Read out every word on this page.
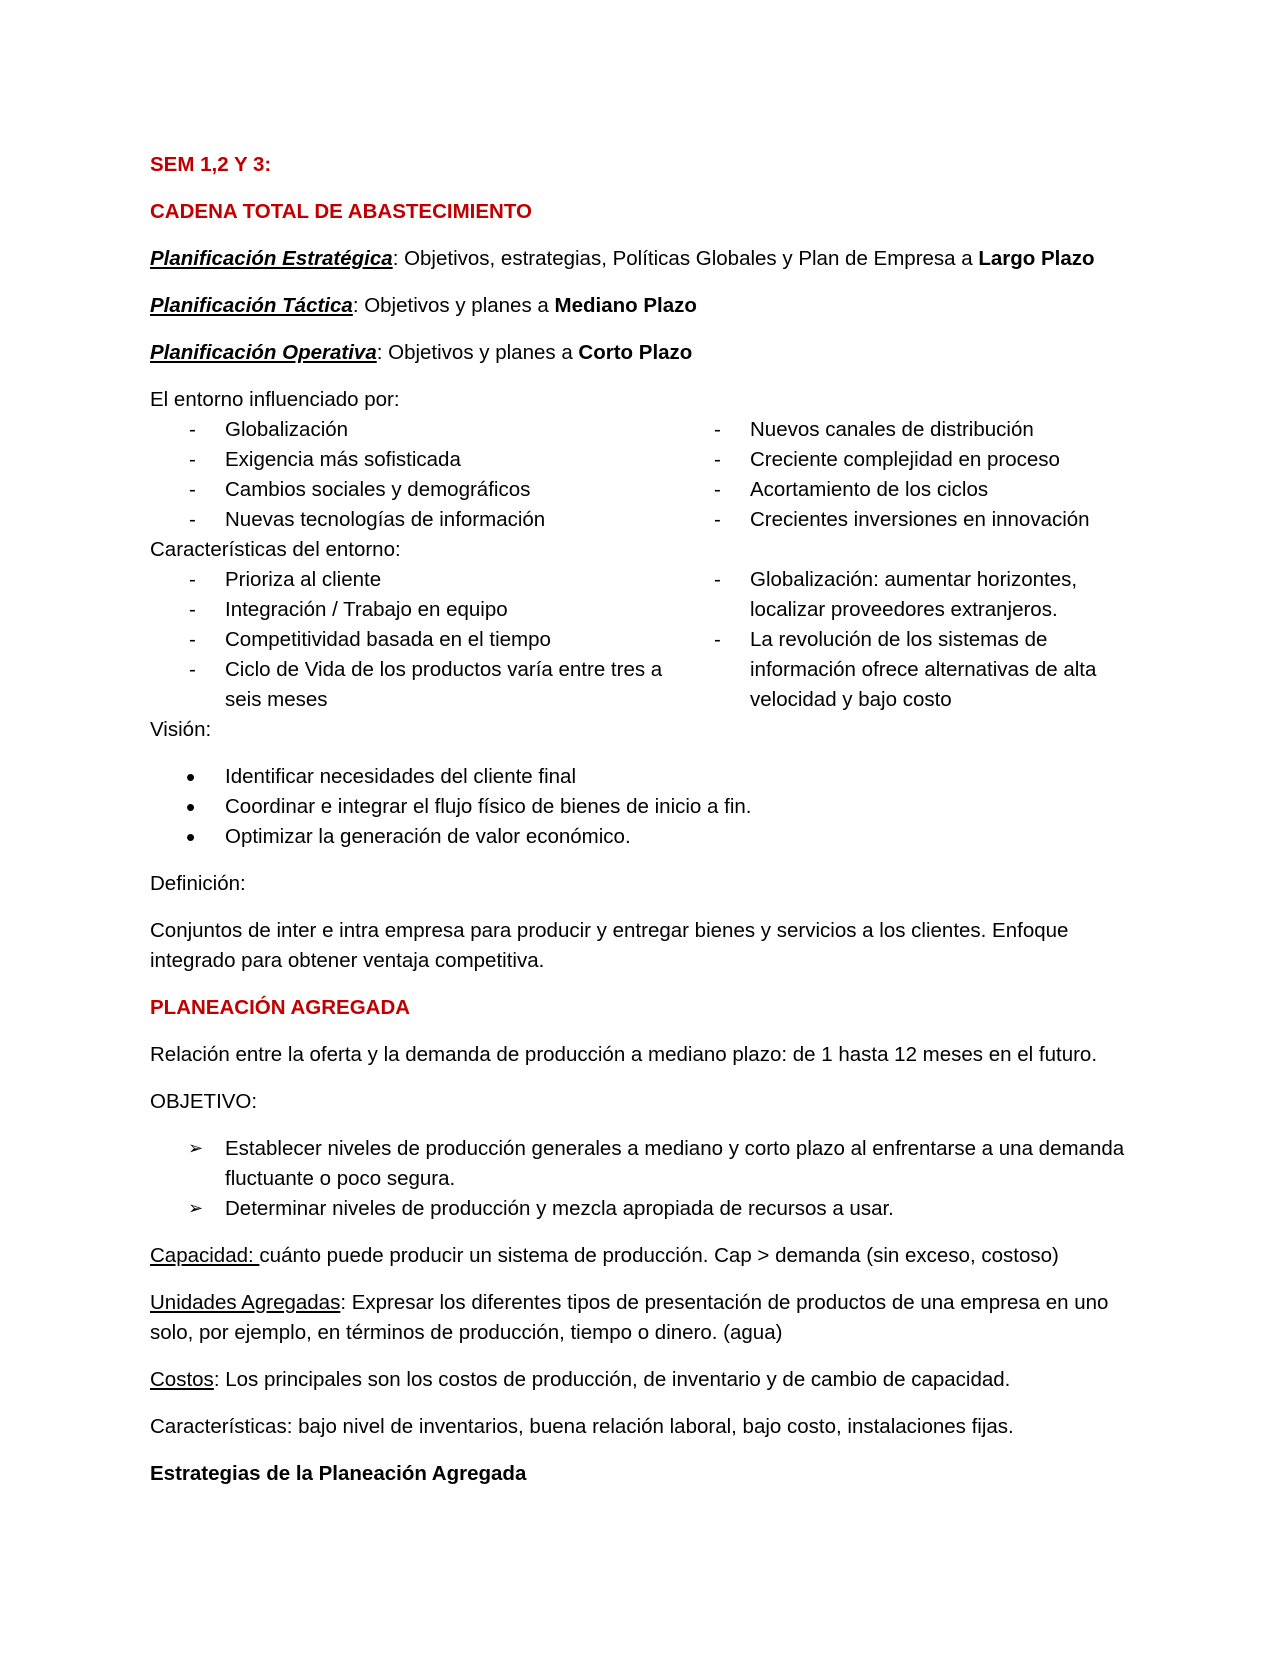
SEM 1,2 Y 3:

CADENA TOTAL DE ABASTECIMIENTO

Planificación Estratégica: Objetivos, estrategias, Políticas Globales y Plan de Empresa a Largo Plazo

Planificación Táctica: Objetivos y planes a Mediano Plazo

Planificación Operativa: Objetivos y planes a Corto Plazo

El entorno influenciado por:

- Globalización
- Exigencia más sofisticada
- Cambios sociales y demográficos
- Nuevas tecnologías de información
- Nuevos canales de distribución
- Creciente complejidad en proceso
- Acortamiento de los ciclos
- Crecientes inversiones en innovación

Características del entorno:

- Prioriza al cliente
- Integración / Trabajo en equipo
- Competitividad basada en el tiempo
- Ciclo de Vida de los productos varía entre tres a seis meses
- Globalización: aumentar horizontes, localizar proveedores extranjeros.
- La revolución de los sistemas de información ofrece alternativas de alta velocidad y bajo costo

Visión:

• Identificar necesidades del cliente final
• Coordinar e integrar el flujo físico de bienes de inicio a fin.
• Optimizar la generación de valor económico.

Definición:

Conjuntos de inter e intra empresa para producir y entregar bienes y servicios a los clientes. Enfoque integrado para obtener ventaja competitiva.

PLANEACIÓN AGREGADA

Relación entre la oferta y la demanda de producción a mediano plazo: de 1 hasta 12 meses en el futuro.

OBJETIVO:

➢ Establecer niveles de producción generales a mediano y corto plazo al enfrentarse a una demanda fluctuante o poco segura.
➢ Determinar niveles de producción y mezcla apropiada de recursos a usar.

Capacidad: cuánto puede producir un sistema de producción. Cap > demanda (sin exceso, costoso)

Unidades Agregadas: Expresar los diferentes tipos de presentación de productos de una empresa en uno solo, por ejemplo, en términos de producción, tiempo o dinero. (agua)

Costos: Los principales son los costos de producción, de inventario y de cambio de capacidad.

Características: bajo nivel de inventarios, buena relación laboral, bajo costo, instalaciones fijas.

Estrategias de la Planeación Agregada
